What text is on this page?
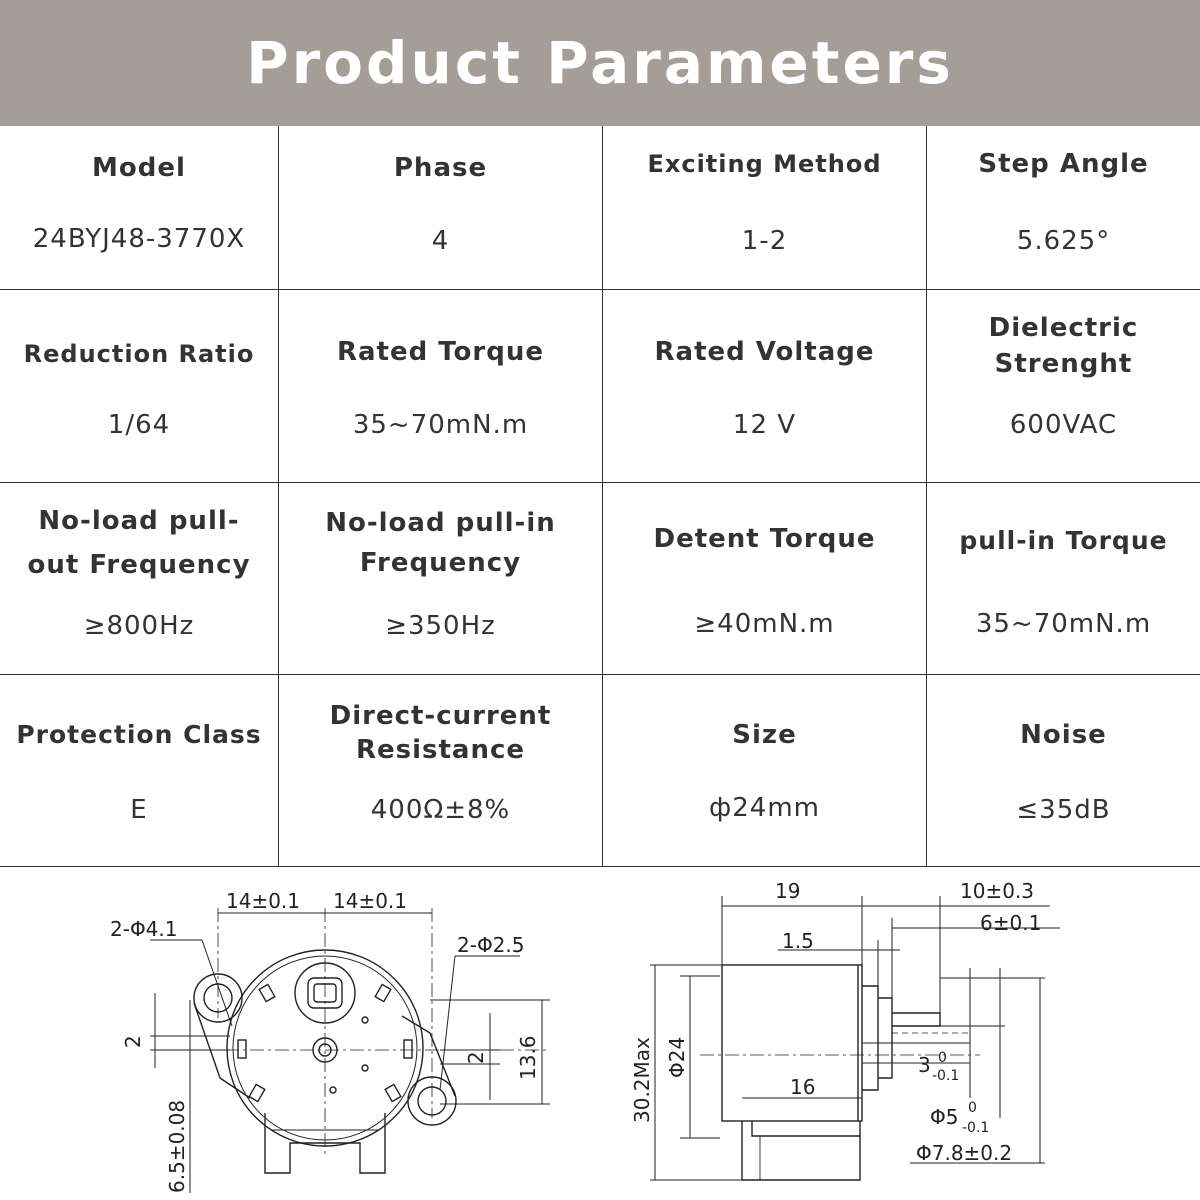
Product Parameters
Model
24BYJ48-3770X
Phase
4
Exciting Method
1-2
Step Angle
5.625°
Reduction Ratio
1/64
Rated Torque
35~70mN.m
Rated Voltage
12 V
Dielectric Strenght
600VAC
No-load pull-out Frequency
≥800Hz
No-load pull-in Frequency
≥350Hz
Detent Torque
≥40mN.m
pull-in Torque
35~70mN.m
Protection Class
E
Direct-current Resistance
400Ω±8%
Size
ф24mm
Noise
≤35dB
14±0.1 14±0.1
2-Φ4.1
2-Φ2.5
2
2 13.6
6.5±0.08
19	10±0.3
6±0.1
1.5
30.2Max Φ24
16
3 0
-0.1
Φ5 0
-0.1
Φ7.8±0.2
